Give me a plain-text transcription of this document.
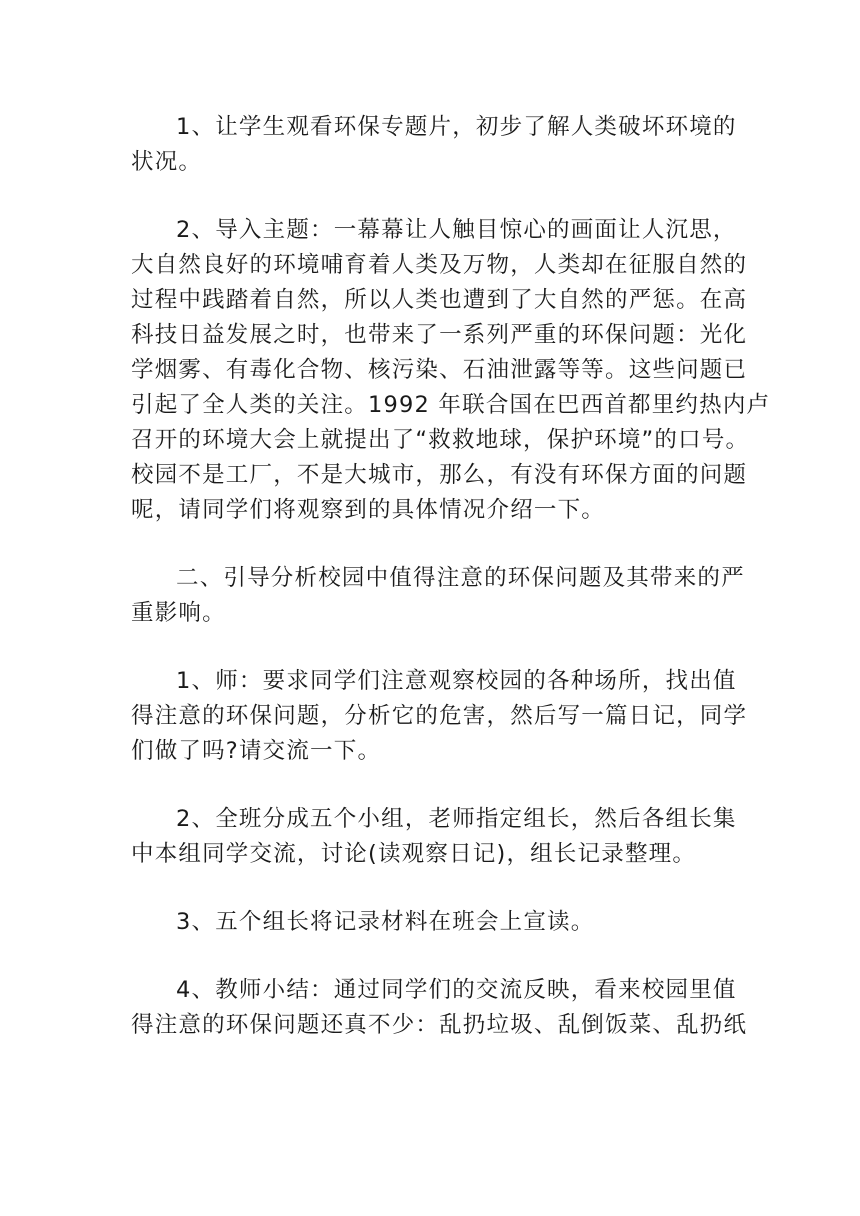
1、让学生观看环保专题片，初步了解人类破坏环境的
状况。
2、导入主题：一幕幕让人触目惊心的画面让人沉思，
大自然良好的环境哺育着人类及万物，人类却在征服自然的
过程中践踏着自然，所以人类也遭到了大自然的严惩。在高
科技日益发展之时，也带来了一系列严重的环保问题：光化
学烟雾、有毒化合物、核污染、石油泄露等等。这些问题已
引起了全人类的关注。1992 年联合国在巴西首都里约热内卢
召开的环境大会上就提出了“救救地球，保护环境”的口号。
校园不是工厂，不是大城市，那么，有没有环保方面的问题
呢，请同学们将观察到的具体情况介绍一下。
二、引导分析校园中值得注意的环保问题及其带来的严
重影响。
1、师：要求同学们注意观察校园的各种场所，找出值
得注意的环保问题，分析它的危害，然后写一篇日记，同学
们做了吗?请交流一下。
2、全班分成五个小组，老师指定组长，然后各组长集
中本组同学交流，讨论(读观察日记)，组长记录整理。
3、五个组长将记录材料在班会上宣读。
4、教师小结：通过同学们的交流反映，看来校园里值
得注意的环保问题还真不少：乱扔垃圾、乱倒饭菜、乱扔纸
